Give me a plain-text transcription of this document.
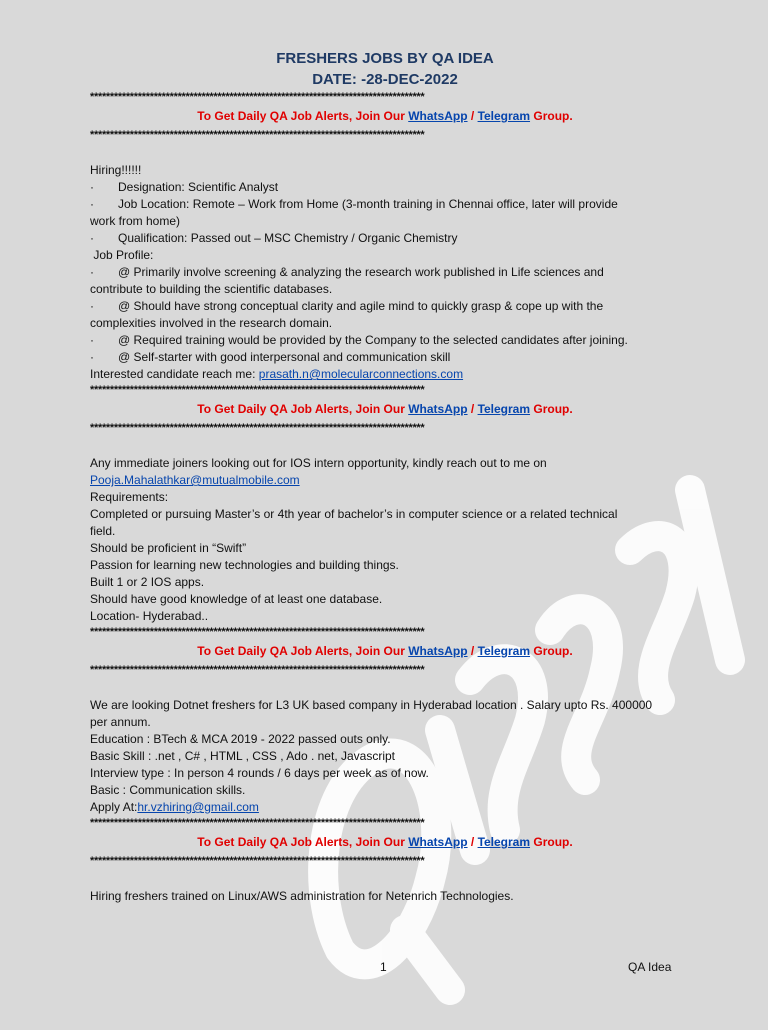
FRESHERS JOBS BY QA IDEA

DATE: -28-DEC-2022

************************************************************************************
To Get Daily QA Job Alerts, Join Our WhatsApp / Telegram Group.
************************************************************************************

Hiring!!!!!!

· Designation: Scientific Analyst

· Job Location: Remote – Work from Home (3-month training in Chennai office, later will provide

work from home)

· Qualification: Passed out – MSC Chemistry / Organic Chemistry

Job Profile:

· @ Primarily involve screening & analyzing the research work published in Life sciences and

contribute to building the scientific databases.

· @ Should have strong conceptual clarity and agile mind to quickly grasp & cope up with the

complexities involved in the research domain.

· @ Required training would be provided by the Company to the selected candidates after joining.

· @ Self-starter with good interpersonal and communication skill

Interested candidate reach me: prasath.n@molecularconnections.com

************************************************************************************
To Get Daily QA Job Alerts, Join Our WhatsApp / Telegram Group.
************************************************************************************

Any immediate joiners looking out for IOS intern opportunity, kindly reach out to me on

Pooja.Mahalathkar@mutualmobile.com

Requirements:

Completed or pursuing Master’s or 4th year of bachelor’s in computer science or a related technical

field.

Should be proficient in “Swift”

Passion for learning new technologies and building things.

Built 1 or 2 IOS apps.

Should have good knowledge of at least one database.

Location- Hyderabad..

************************************************************************************
To Get Daily QA Job Alerts, Join Our WhatsApp / Telegram Group.
************************************************************************************

We are looking Dotnet freshers for L3 UK based company in Hyderabad location . Salary upto Rs. 400000

per annum.

Education : BTech & MCA 2019 - 2022 passed outs only.

Basic Skill : .net , C# , HTML , CSS , Ado . net, Javascript

Interview type : In person 4 rounds / 6 days per week as of now.

Basic : Communication skills.

Apply At:hr.vzhiring@gmail.com

************************************************************************************
To Get Daily QA Job Alerts, Join Our WhatsApp / Telegram Group.
************************************************************************************

Hiring freshers trained on Linux/AWS administration for Netenrich Technologies.

1	QA Idea
